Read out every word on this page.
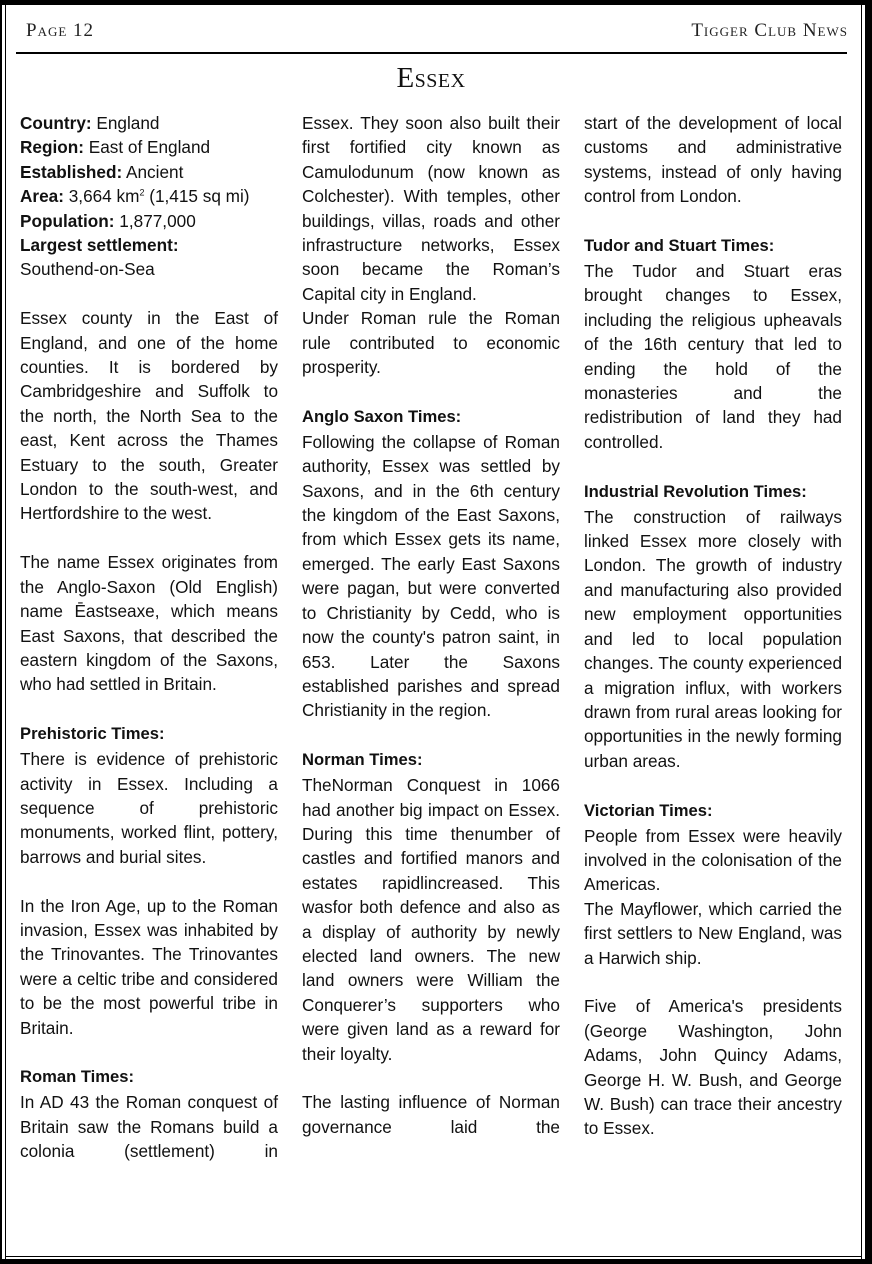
Page 12	Tigger Club News
Essex

Country: England

Region: East of England

Established: Ancient

Area: 3,664 $km^2$ (1,415 sq mi)

Population: 1,877,000

Largest settlement:

Southend-on-Sea

Essex county in the East of England, and one of the home counties. It is bordered by Cambridgeshire and Suffolk to the north, the North Sea to the east, Kent across the Thames Estuary to the south, Greater London to the south-west, and Hertfordshire to the west.

The name Essex originates from the Anglo-Saxon (Old English) name Ēastseaxe, which means East Saxons, that described the eastern kingdom of the Saxons, who had settled in Britain.

Prehistoric Times:

There is evidence of prehistoric activity in Essex. Including a sequence of prehistoric monuments, worked flint, pottery, barrows and burial sites.

In the Iron Age, up to the Roman invasion, Essex was inhabited by the Trinovantes. The Trinovantes were a celtic tribe and considered to be the most powerful tribe in Britain.

Roman Times:

In AD 43 the Roman conquest of Britain saw the Romans build a colonia (settlement) in

Essex. They soon also built their first fortified city known as Camulodunum (now known as Colchester). With temples, other buildings, villas, roads and other infrastructure networks, Essex soon became the Roman’s Capital city in England.

Under Roman rule the Roman rule contributed to economic prosperity.

Anglo Saxon Times:

Following the collapse of Roman authority, Essex was settled by Saxons, and in the 6th century the kingdom of the East Saxons, from which Essex gets its name, emerged. The early East Saxons were pagan, but were converted to Christianity by Cedd, who is now the county's patron saint, in 653. Later the Saxons established parishes and spread Christianity in the region.

Norman Times:

TheNorman Conquest in 1066 had another big impact on Essex. During this time thenumber of castles and fortified manors and estates rapidlincreased. This wasfor both defence and also as a display of authority by newly elected land owners. The new land owners were William the Conquerer’s supporters who were given land as a reward for their loyalty.

The lasting influence of Norman governance laid the

start of the development of local customs and administrative systems, instead of only having control from London.

Tudor and Stuart Times:

The Tudor and Stuart eras brought changes to Essex, including the religious upheavals of the 16th century that led to ending the hold of the monasteries and the redistribution of land they had controlled.

Industrial Revolution Times:

The construction of railways linked Essex more closely with London. The growth of industry and manufacturing also provided new employment opportunities and led to local population changes. The county experienced a migration influx, with workers drawn from rural areas looking for opportunities in the newly forming urban areas.

Victorian Times:

People from Essex were heavily involved in the colonisation of the Americas.

The Mayflower, which carried the first settlers to New England, was a Harwich ship.

Five of America's presidents (George Washington, John Adams, John Quincy Adams, George H. W. Bush, and George W. Bush) can trace their ancestry to Essex.
